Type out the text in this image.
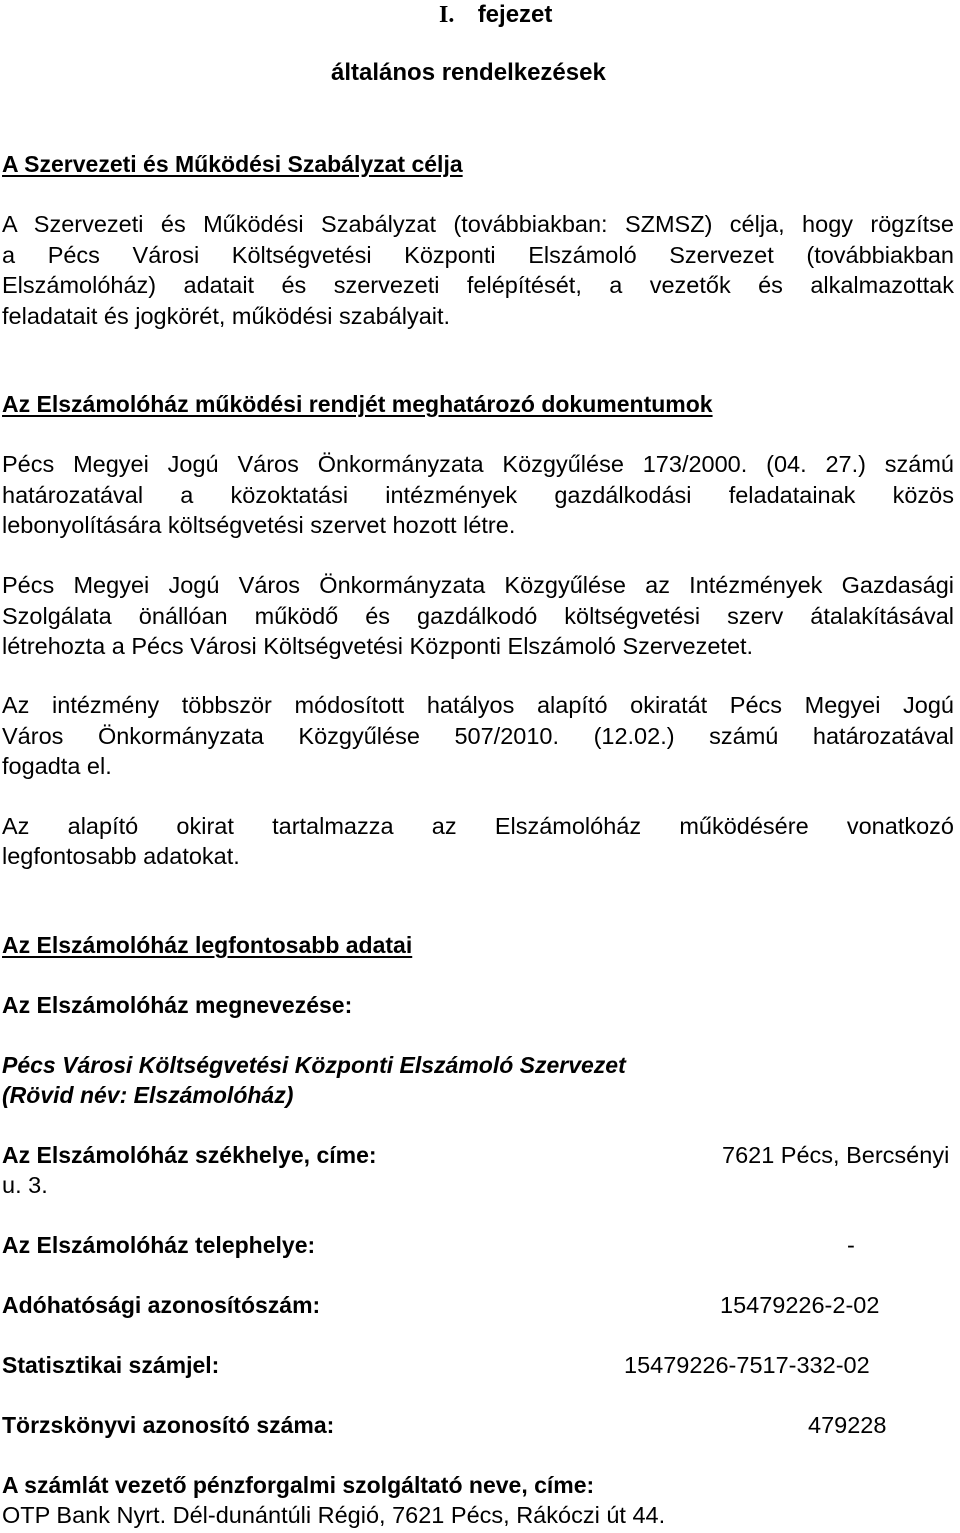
I. fejezet
általános rendelkezések
A Szervezeti és Működési Szabályzat célja
A Szervezeti és Működési Szabályzat (továbbiakban: SZMSZ) célja, hogy rögzítse
a Pécs Városi Költségvetési Központi Elszámoló Szervezet (továbbiakban
Elszámolóház) adatait és szervezeti felépítését, a vezetők és alkalmazottak
feladatait és jogkörét, működési szabályait.
Az Elszámolóház működési rendjét meghatározó dokumentumok
Pécs Megyei Jogú Város Önkormányzata Közgyűlése 173/2000. (04. 27.) számú
határozatával a közoktatási intézmények gazdálkodási feladatainak közös
lebonyolítására költségvetési szervet hozott létre.
Pécs Megyei Jogú Város Önkormányzata Közgyűlése az Intézmények Gazdasági
Szolgálata önállóan működő és gazdálkodó költségvetési szerv átalakításával
létrehozta a Pécs Városi Költségvetési Központi Elszámoló Szervezetet.
Az intézmény többször módosított hatályos alapító okiratát Pécs Megyei Jogú
Város Önkormányzata Közgyűlése 507/2010. (12.02.) számú határozatával
fogadta el.
Az alapító okirat tartalmazza az Elszámolóház működésére vonatkozó
legfontosabb adatokat.
Az Elszámolóház legfontosabb adatai
Az Elszámolóház megnevezése:
Pécs Városi Költségvetési Központi Elszámoló Szervezet
(Rövid név: Elszámolóház)
Az Elszámolóház székhelye, címe:	7621 Pécs, Bercsényi
u. 3.
Az Elszámolóház telephelye:	-
Adóhatósági azonosítószám:	15479226-2-02
Statisztikai számjel:	15479226-7517-332-02
Törzskönyvi azonosító száma:	479228
A számlát vezető pénzforgalmi szolgáltató neve, címe:
OTP Bank Nyrt. Dél-dunántúli Régió, 7621 Pécs, Rákóczi út 44.
